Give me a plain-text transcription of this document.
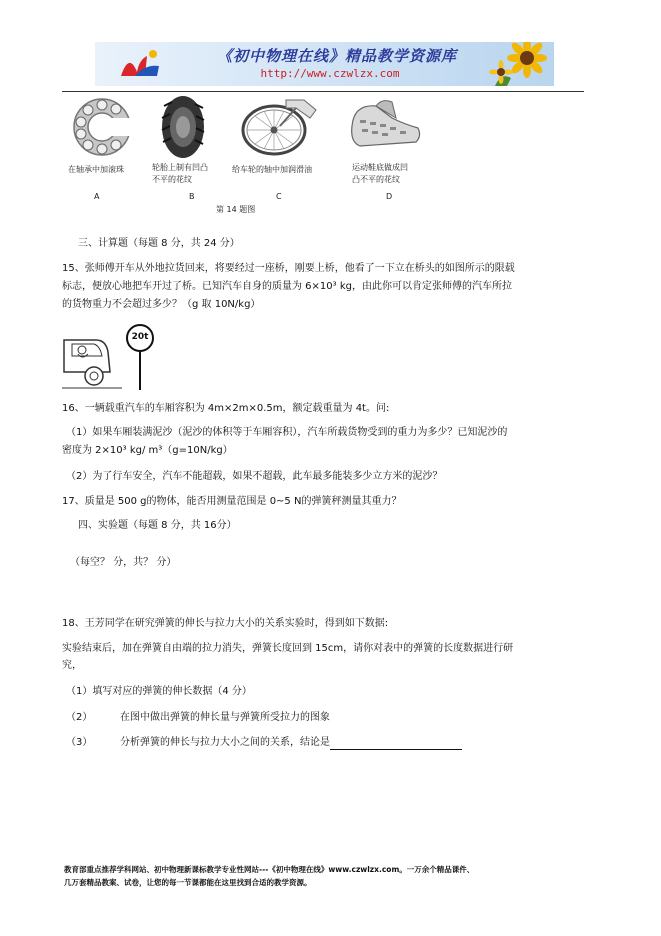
《初中物理在线》精品教学资源库
http://www.czwlzx.com
在轴承中加滚珠	轮胎上制有凹凸
不平的花纹
给车轮的轴中加润滑油	运动鞋底做成凹
凸不平的花纹
A	B	C	D
第 14 题图
三、计算题（每题 8 分，共 24 分）
15、张师傅开车从外地拉货回来，将要经过一座桥，刚要上桥，他看了一下立在桥头的如图所示的限载
标志，便放心地把车开过了桥。已知汽车自身的质量为 6×10³ kg，由此你可以肯定张师傅的汽车所拉
的货物重力不会超过多少？（g 取 10N/kg）
20t
16、一辆载重汽车的车厢容积为 4m×2m×0.5m，额定载重量为 4t。问:
（1）如果车厢装满泥沙（泥沙的体积等于车厢容积），汽车所载货物受到的重力为多少？已知泥沙的
密度为 2×10³ kg/ m³（g=10N/kg）
（2）为了行车安全，汽车不能超载，如果不超载，此车最多能装多少立方米的泥沙？
17、质量是 500 g的物体，能否用测量范围是 0~5 N的弹簧秤测量其重力？
四、实验题（每题 8 分，共 16分）
（每空？ 分，共？ 分）
18、王芳同学在研究弹簧的伸长与拉力大小的关系实验时，得到如下数据:
实验结束后，加在弹簧自由端的拉力消失，弹簧长度回到 15cm，请你对表中的弹簧的长度数据进行研
究，
（1）填写对应的弹簧的伸长数据（4 分）
（2）	在图中做出弹簧的伸长量与弹簧所受拉力的图象
（3）	分析弹簧的伸长与拉力大小之间的关系，结论是
教育部重点推荐学科网站、初中物理新课标教学专业性网站---《初中物理在线》www.czwlzx.com。一万余个精品课件、
几万套精品教案、试卷，让您的每一节课都能在这里找到合适的教学资源。
